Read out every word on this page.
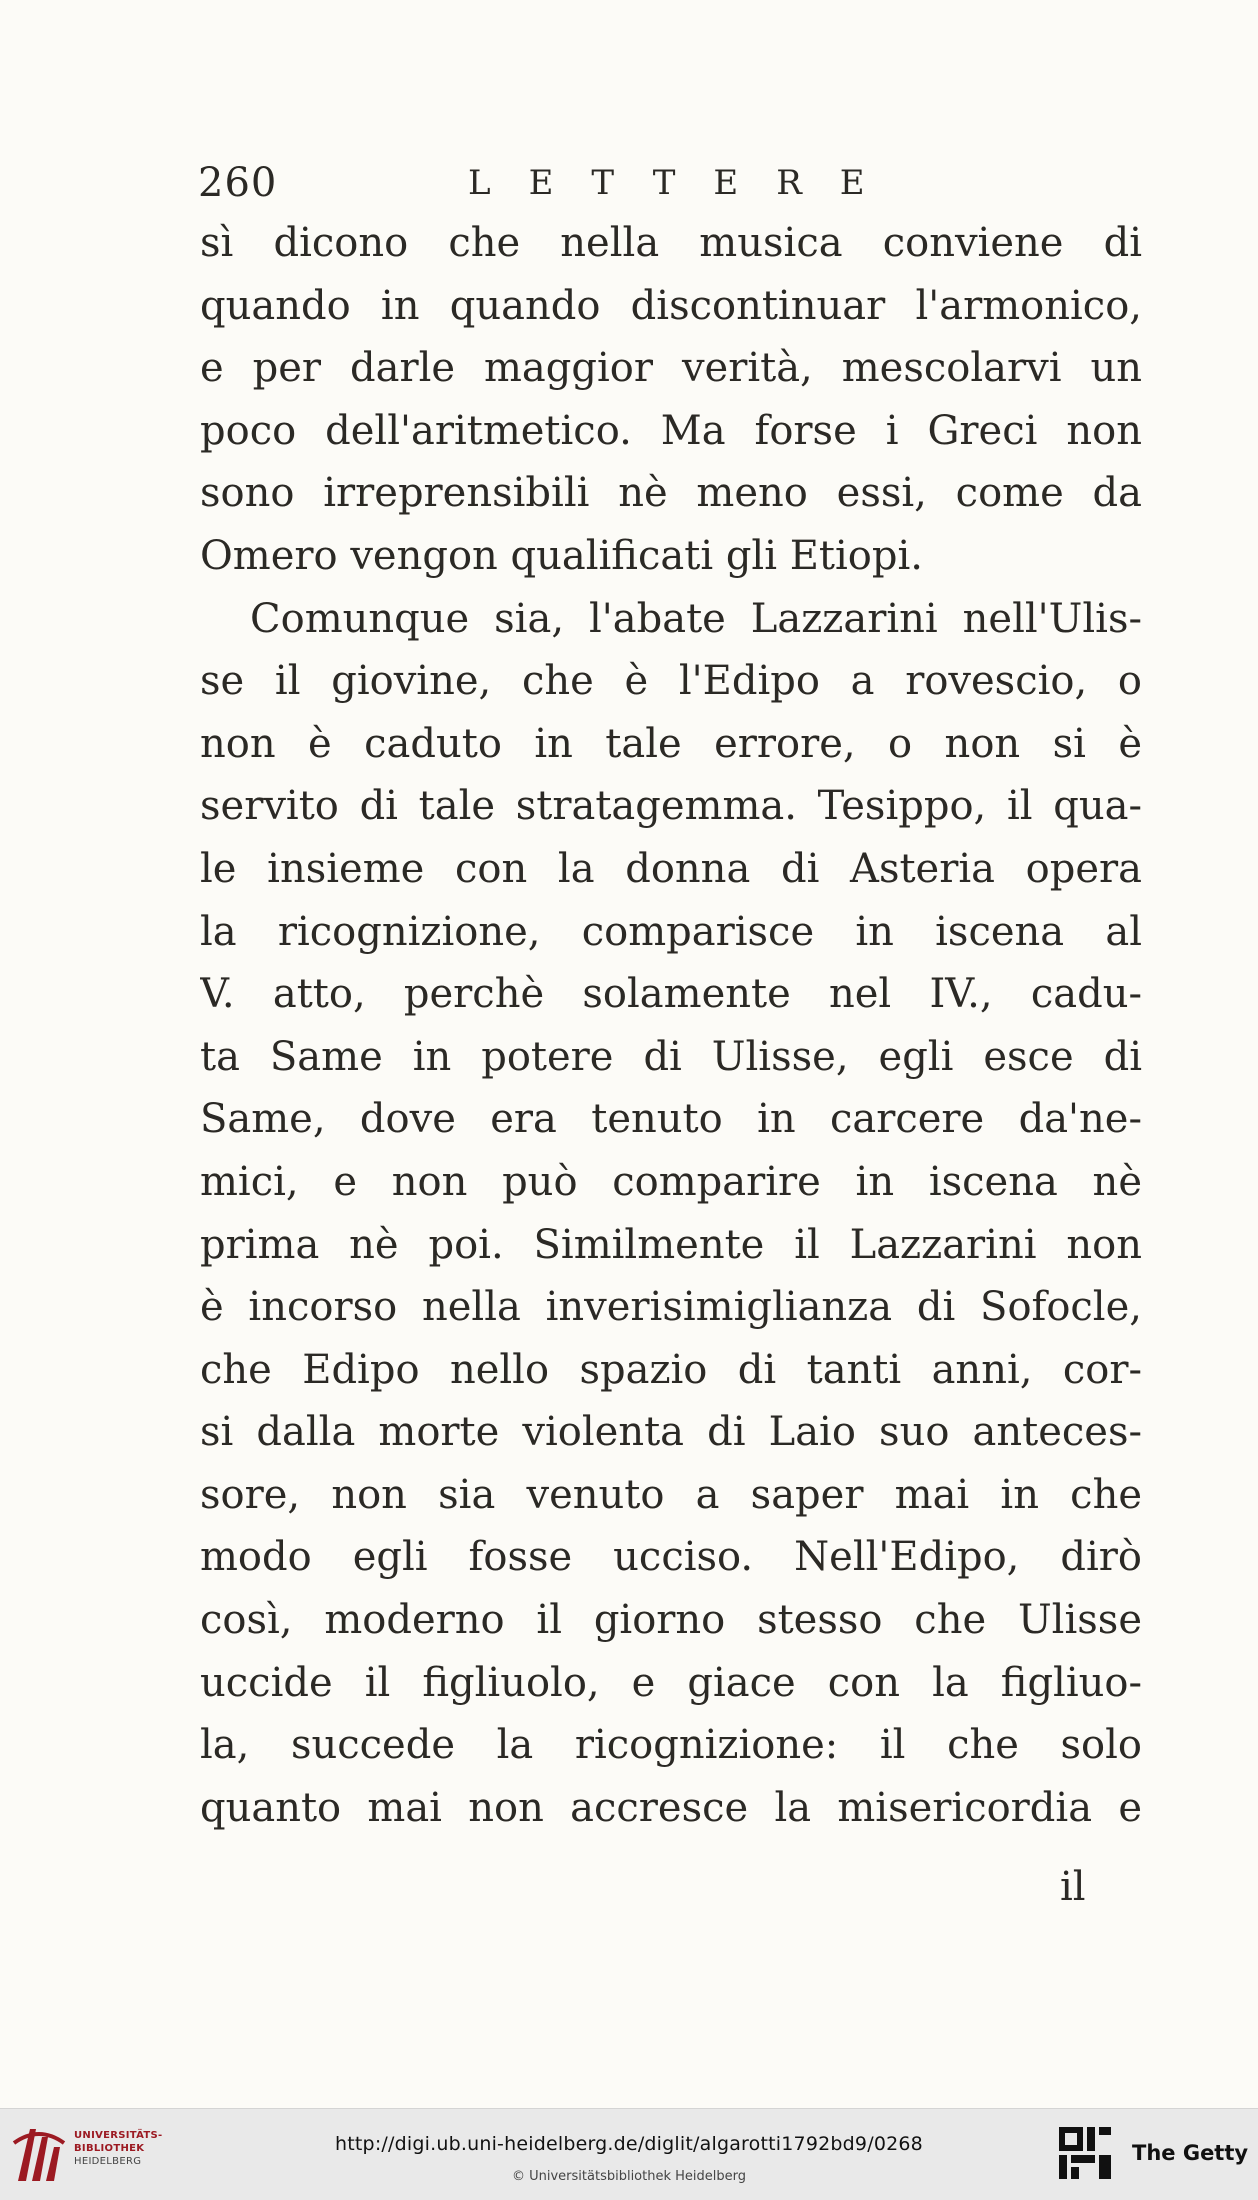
260	LETTERE
sì dicono che nella musica conviene di
quando in quando discontinuar l'armonico,
e per darle maggior verità, mescolarvi un
poco dell'aritmetico. Ma forse i Greci non
sono irreprensibili nè meno essi, come da
Omero vengon qualificati gli Etiopi.
Comunque sia, l'abate Lazzarini nell'Ulis-
se il giovine, che è l'Edipo a rovescio, o
non è caduto in tale errore, o non si è
servito di tale stratagemma. Tesippo, il qua-
le insieme con la donna di Asteria opera
la ricognizione, comparisce in iscena al
V. atto, perchè solamente nel IV., cadu-
ta Same in potere di Ulisse, egli esce di
Same, dove era tenuto in carcere da'ne-
mici, e non può comparire in iscena nè
prima nè poi. Similmente il Lazzarini non
è incorso nella inverisimiglianza di Sofocle,
che Edipo nello spazio di tanti anni, cor-
si dalla morte violenta di Laio suo anteces-
sore, non sia venuto a saper mai in che
modo egli fosse ucciso. Nell'Edipo, dirò
così, moderno il giorno stesso che Ulisse
uccide il figliuolo, e giace con la figliuo-
la, succede la ricognizione: il che solo
quanto mai non accresce la misericordia e
il
UNIVERSITÄTS-
BIBLIOTHEK
HEIDELBERG
http://digi.ub.uni-heidelberg.de/diglit/algarotti1792bd9/0268
© Universitätsbibliothek Heidelberg
The Getty
